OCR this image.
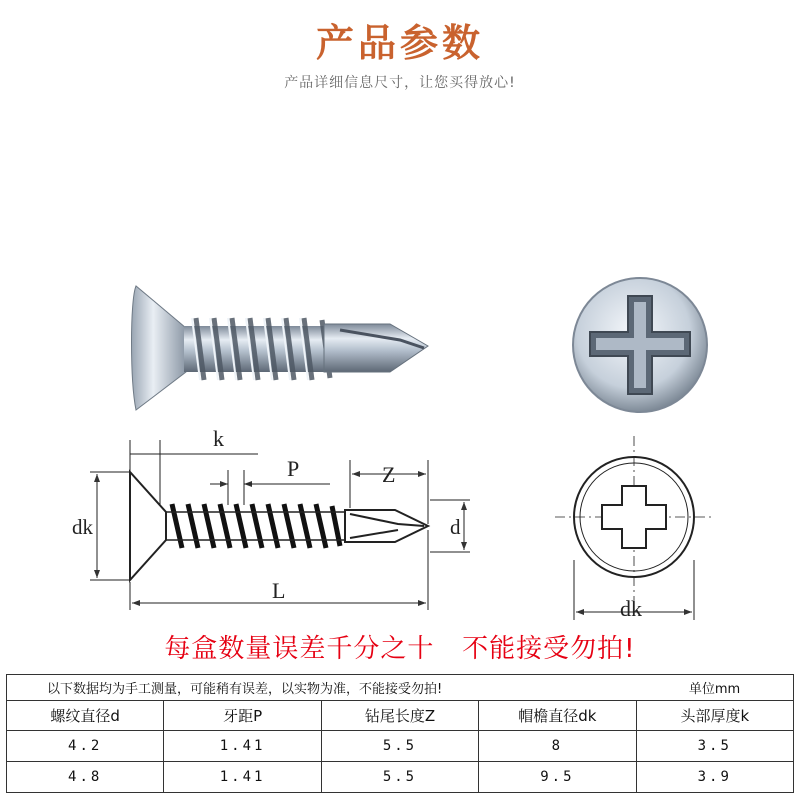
产品参数
产品详细信息尺寸，让您买得放心!
k
P	Z
dk	d
L
dk
每盒数量误差千分之十   不能接受勿拍!
以下数据均为手工测量，可能稍有误差，以实物为准，不能接受勿拍!				单位mm
螺纹直径d	牙距P	钻尾长度Z	帽檐直径dk	头部厚度k
4.2	1.41	5.5	8	3.5
4.8	1.41	5.5	9.5	3.9
